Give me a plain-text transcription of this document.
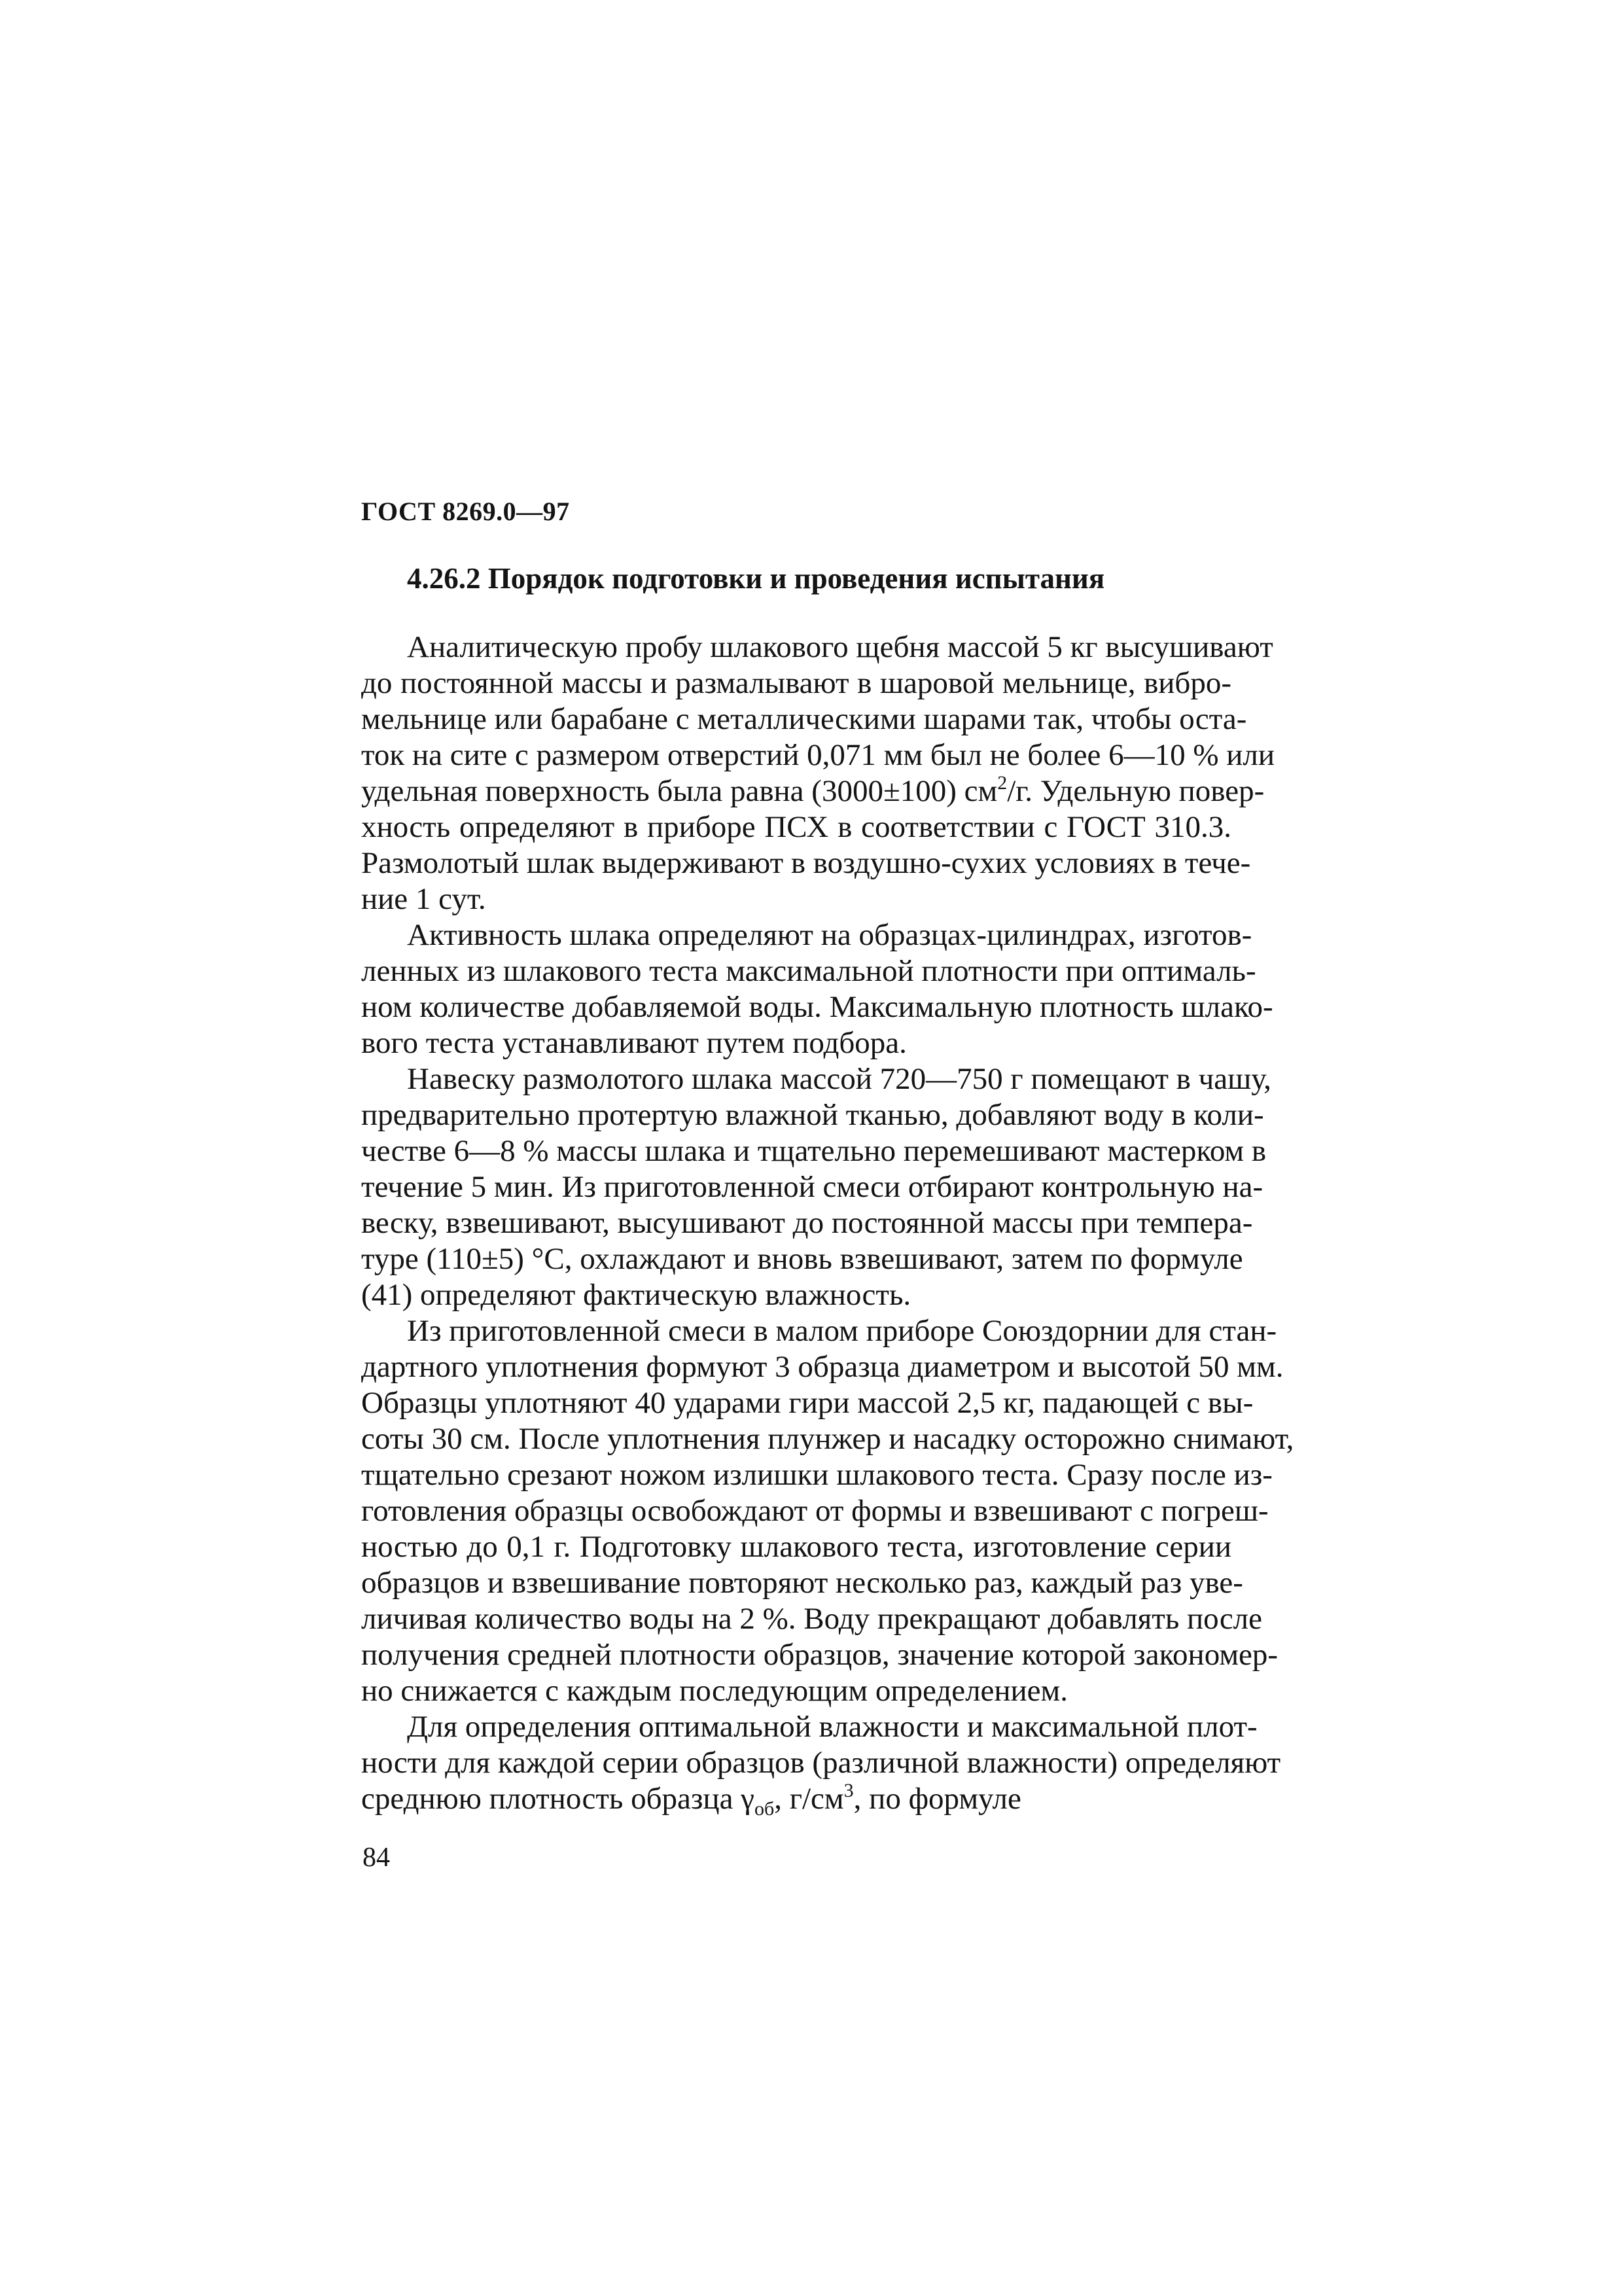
ГОСТ 8269.0—97
4.26.2 Порядок подготовки и проведения испытания
Аналитическую пробу шлакового щебня массой 5 кг высушивают
до постоянной массы и размалывают в шаровой мельнице, вибро-
мельнице или барабане с металлическими шарами так, чтобы оста-
ток на сите с размером отверстий 0,071 мм был не более 6—10 % или
удельная поверхность была равна (3000±100) $см^2/г$. Удельную повер-
хность определяют в приборе ПСХ в соответствии с ГОСТ 310.3.
Размолотый шлак выдерживают в воздушно-сухих условиях в тече-
ние 1 сут.
Активность шлака определяют на образцах-цилиндрах, изготов-
ленных из шлакового теста максимальной плотности при оптималь-
ном количестве добавляемой воды. Максимальную плотность шлако-
вого теста устанавливают путем подбора.
Навеску размолотого шлака массой 720—750 г помещают в чашу,
предварительно протертую влажной тканью, добавляют воду в коли-
честве 6—8 % массы шлака и тщательно перемешивают мастерком в
течение 5 мин. Из приготовленной смеси отбирают контрольную на-
веску, взвешивают, высушивают до постоянной массы при темпера-
туре (110±5) °С, охлаждают и вновь взвешивают, затем по формуле
(41) определяют фактическую влажность.
Из приготовленной смеси в малом приборе Союздорнии для стан-
дартного уплотнения формуют 3 образца диаметром и высотой 50 мм.
Образцы уплотняют 40 ударами гири массой 2,5 кг, падающей с вы-
соты 30 см. После уплотнения плунжер и насадку осторожно снимают,
тщательно срезают ножом излишки шлакового теста. Сразу после из-
готовления образцы освобождают от формы и взвешивают с погреш-
ностью до 0,1 г. Подготовку шлакового теста, изготовление серии
образцов и взвешивание повторяют несколько раз, каждый раз уве-
личивая количество воды на 2 %. Воду прекращают добавлять после
получения средней плотности образцов, значение которой закономер-
но снижается с каждым последующим определением.
Для определения оптимальной влажности и максимальной плот-
ности для каждой серии образцов (различной влажности) определяют
среднюю плотность образца $\gamma_{об}$, $г/см^3$, по формуле
84
